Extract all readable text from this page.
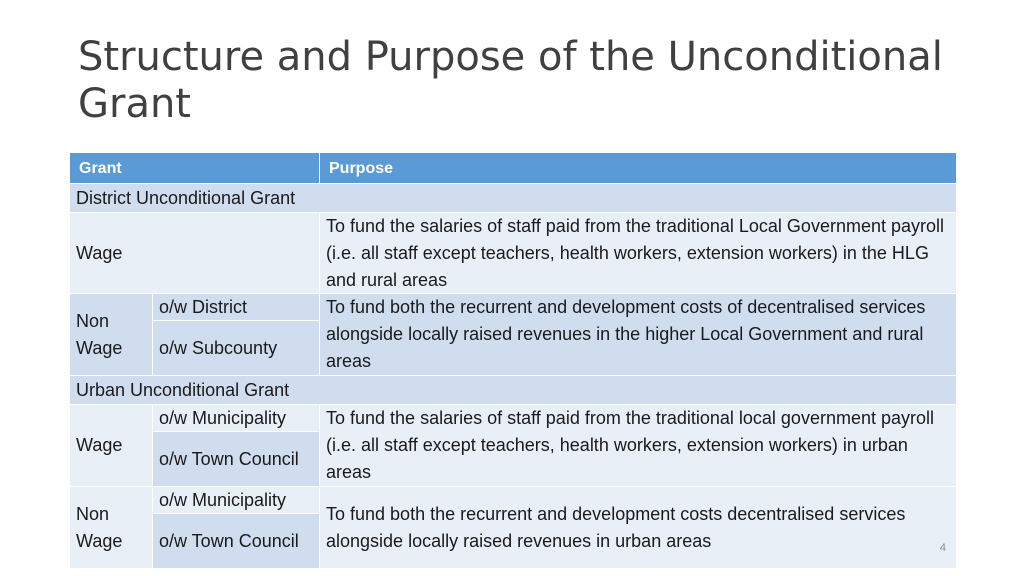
Structure and Purpose of the Unconditional Grant
Grant	Purpose
District Unconditional Grant
Wage
To fund the salaries of staff paid from the traditional Local Government payroll (i.e. all staff except teachers, health workers, extension workers) in the HLG and rural areas
Non Wage
o/w District
o/w Subcounty
To fund both the recurrent and development costs of decentralised services alongside locally raised revenues in the higher Local Government and rural areas
Urban Unconditional Grant
Wage
o/w Municipality
o/w Town Council
To fund the salaries of staff paid from the traditional local government payroll (i.e. all staff except teachers, health workers, extension workers) in urban areas
Non Wage
o/w Municipality
o/w Town Council
To fund both the recurrent and development costs decentralised services alongside locally raised revenues in urban areas	4
